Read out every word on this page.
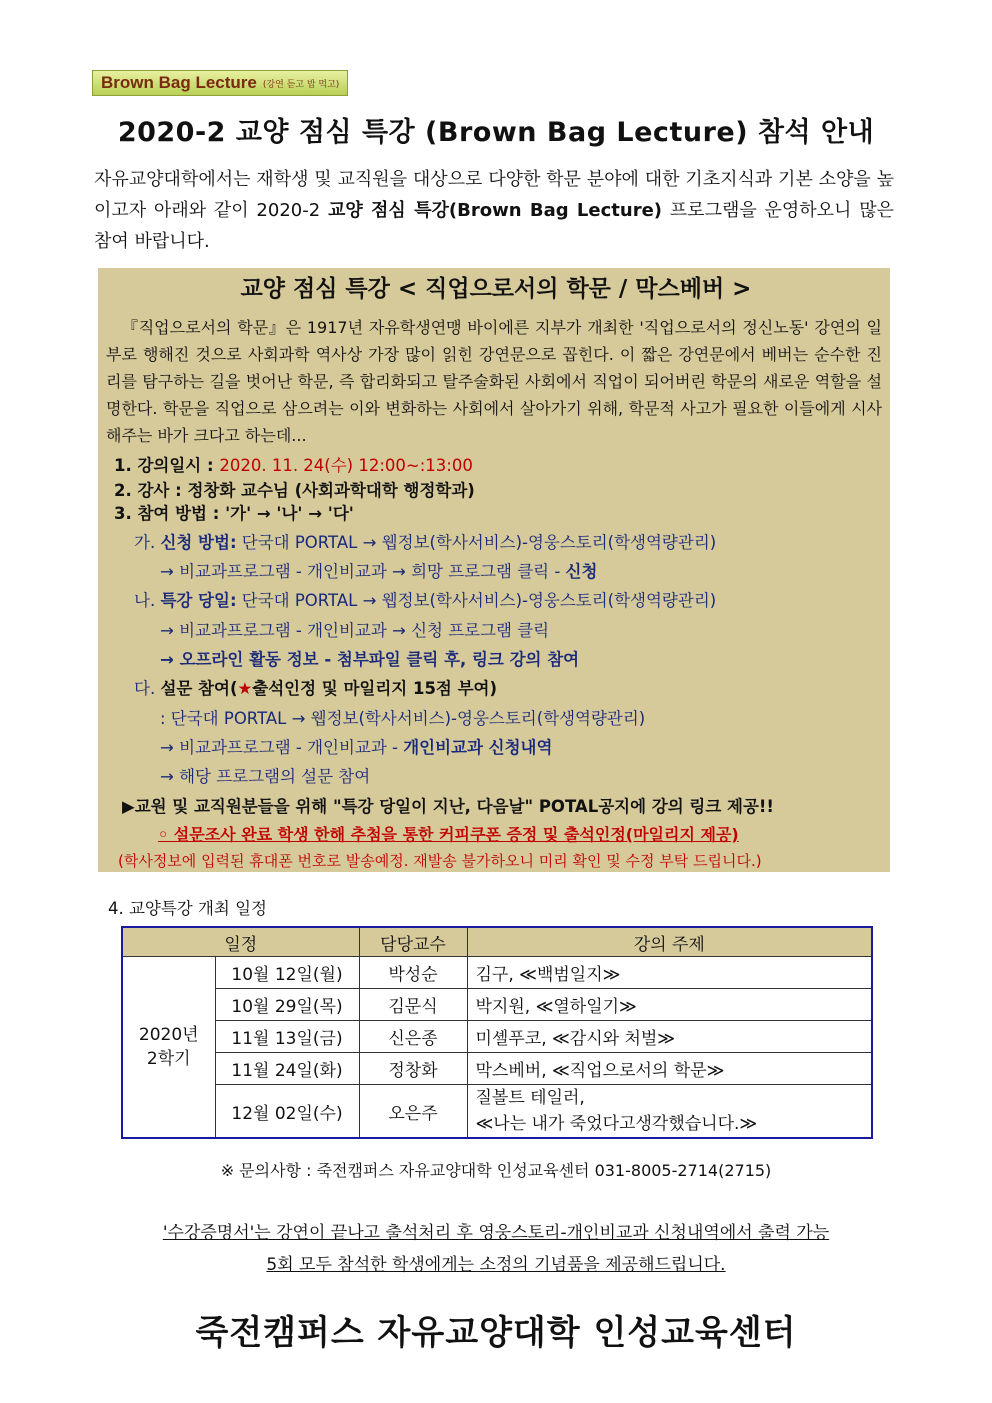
Brown Bag Lecture (강연 듣고 밥 먹고)
2020-2 교양 점심 특강 (Brown Bag Lecture) 참석 안내
자유교양대학에서는 재학생 및 교직원을 대상으로 다양한 학문 분야에 대한 기초지식과 기본 소양을 높이고자 아래와 같이 2020-2 교양 점심 특강(Brown Bag Lecture) 프로그램을 운영하오니 많은 참여 바랍니다.
교양 점심 특강 < 직업으로서의 학문 / 막스베버 >
『직업으로서의 학문』은 1917년 자유학생연맹 바이에른 지부가 개최한 '직업으로서의 정신노동' 강연의 일부로 행해진 것으로 사회과학 역사상 가장 많이 읽힌 강연문으로 꼽힌다. 이 짧은 강연문에서 베버는 순수한 진리를 탐구하는 길을 벗어난 학문, 즉 합리화되고 탈주술화된 사회에서 직업이 되어버린 학문의 새로운 역할을 설명한다. 학문을 직업으로 삼으려는 이와 변화하는 사회에서 살아가기 위해, 학문적 사고가 필요한 이들에게 시사해주는 바가 크다고 하는데...
1. 강의일시 : 2020. 11. 24(수) 12:00~:13:00
2. 강사 : 정창화 교수님 (사회과학대학 행정학과)
3. 참여 방법 : '가' → '나' → '다'
가. 신청 방법: 단국대 PORTAL → 웹정보(학사서비스)-영웅스토리(학생역량관리)
→ 비교과프로그램 - 개인비교과 → 희망 프로그램 클릭 - 신청
나. 특강 당일: 단국대 PORTAL → 웹정보(학사서비스)-영웅스토리(학생역량관리)
→ 비교과프로그램 - 개인비교과 → 신청 프로그램 클릭
→ 오프라인 활동 정보 - 첨부파일 클릭 후, 링크 강의 참여
다. 설문 참여(★출석인정 및 마일리지 15점 부여)
: 단국대 PORTAL → 웹정보(학사서비스)-영웅스토리(학생역량관리)
→ 비교과프로그램 - 개인비교과 - 개인비교과 신청내역
→ 해당 프로그램의 설문 참여
▶교원 및 교직원분들을 위해 "특강 당일이 지난, 다음날" POTAL공지에 강의 링크 제공!!
◦ 설문조사 완료 학생 한해 추첨을 통한 커피쿠폰 증정 및 출석인정(마일리지 제공)
(학사정보에 입력된 휴대폰 번호로 발송예정. 재발송 불가하오니 미리 확인 및 수정 부탁 드립니다.)
4. 교양특강 개최 일정
일정		담당교수	강의 주제
2020년
2학기	10월 12일(월)	박성순	김구, ≪백범일지≫
	10월 29일(목)	김문식	박지원, ≪열하일기≫
	11월 13일(금)	신은종	미셸푸코, ≪감시와 처벌≫
	11월 24일(화)	정창화	막스베버, ≪직업으로서의 학문≫
	12월 02일(수)	오은주	질볼트 테일러,
≪나는 내가 죽었다고생각했습니다.≫
※ 문의사항 : 죽전캠퍼스 자유교양대학 인성교육센터 031-8005-2714(2715)
'수강증명서'는 강연이 끝나고 출석처리 후 영웅스토리-개인비교과 신청내역에서 출력 가능
5회 모두 참석한 학생에게는 소정의 기념품을 제공해드립니다.
죽전캠퍼스 자유교양대학 인성교육센터
